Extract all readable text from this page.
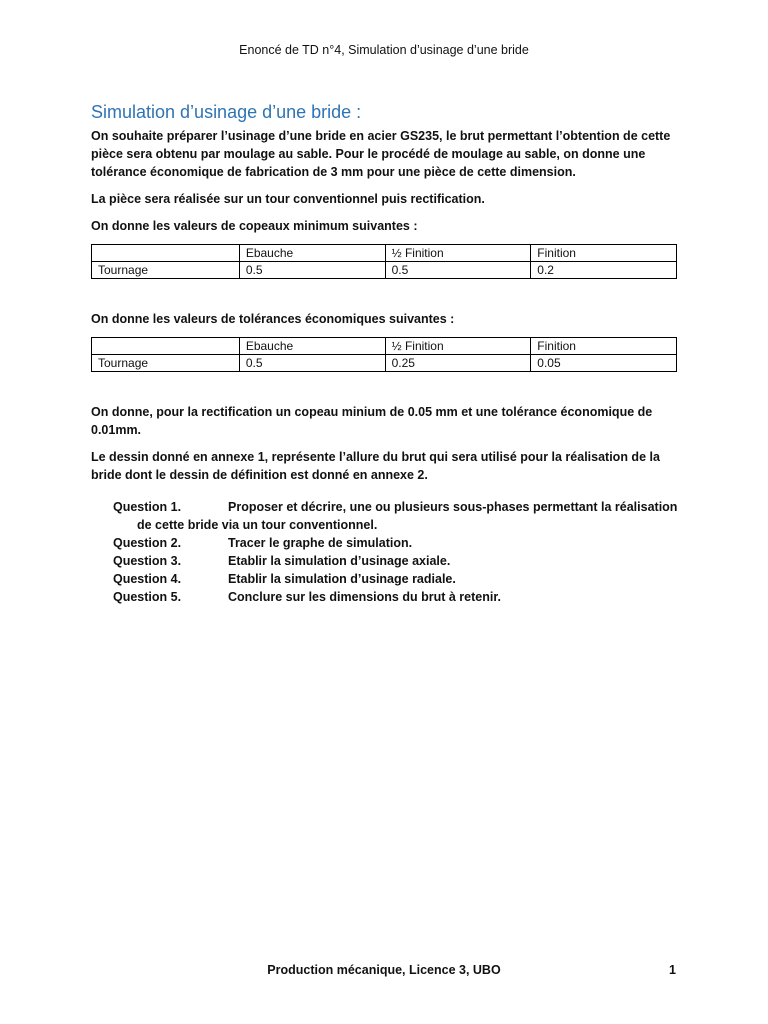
Enoncé de TD n°4, Simulation d’usinage d’une bride
Simulation d’usinage d’une bride :

On souhaite préparer l’usinage d’une bride en acier GS235, le brut permettant l’obtention de cette pièce sera obtenu par moulage au sable. Pour le procédé de moulage au sable, on donne une tolérance économique de fabrication de 3 mm pour une pièce de cette dimension.

La pièce sera réalisée sur un tour conventionnel puis rectification.

On donne les valeurs de copeaux minimum suivantes :

	Ebauche	½ Finition	Finition
Tournage	0.5	0.5	0.2

On donne les valeurs de tolérances économiques suivantes :

	Ebauche	½ Finition	Finition
Tournage	0.5	0.25	0.05

On donne, pour la rectification un copeau minium de 0.05 mm et une tolérance économique de 0.01mm.

Le dessin donné en annexe 1, représente l’allure du brut qui sera utilisé pour la réalisation de la bride dont le dessin de définition est donné en annexe 2.

Question 1.	Proposer et décrire, une ou plusieurs sous-phases permettant la réalisation
de cette bride via un tour conventionnel.
Question 2.	Tracer le graphe de simulation.
Question 3.	Etablir la simulation d’usinage axiale.
Question 4.	Etablir la simulation d’usinage radiale.
Question 5.	Conclure sur les dimensions du brut à retenir.
Production mécanique, Licence 3, UBO	1
